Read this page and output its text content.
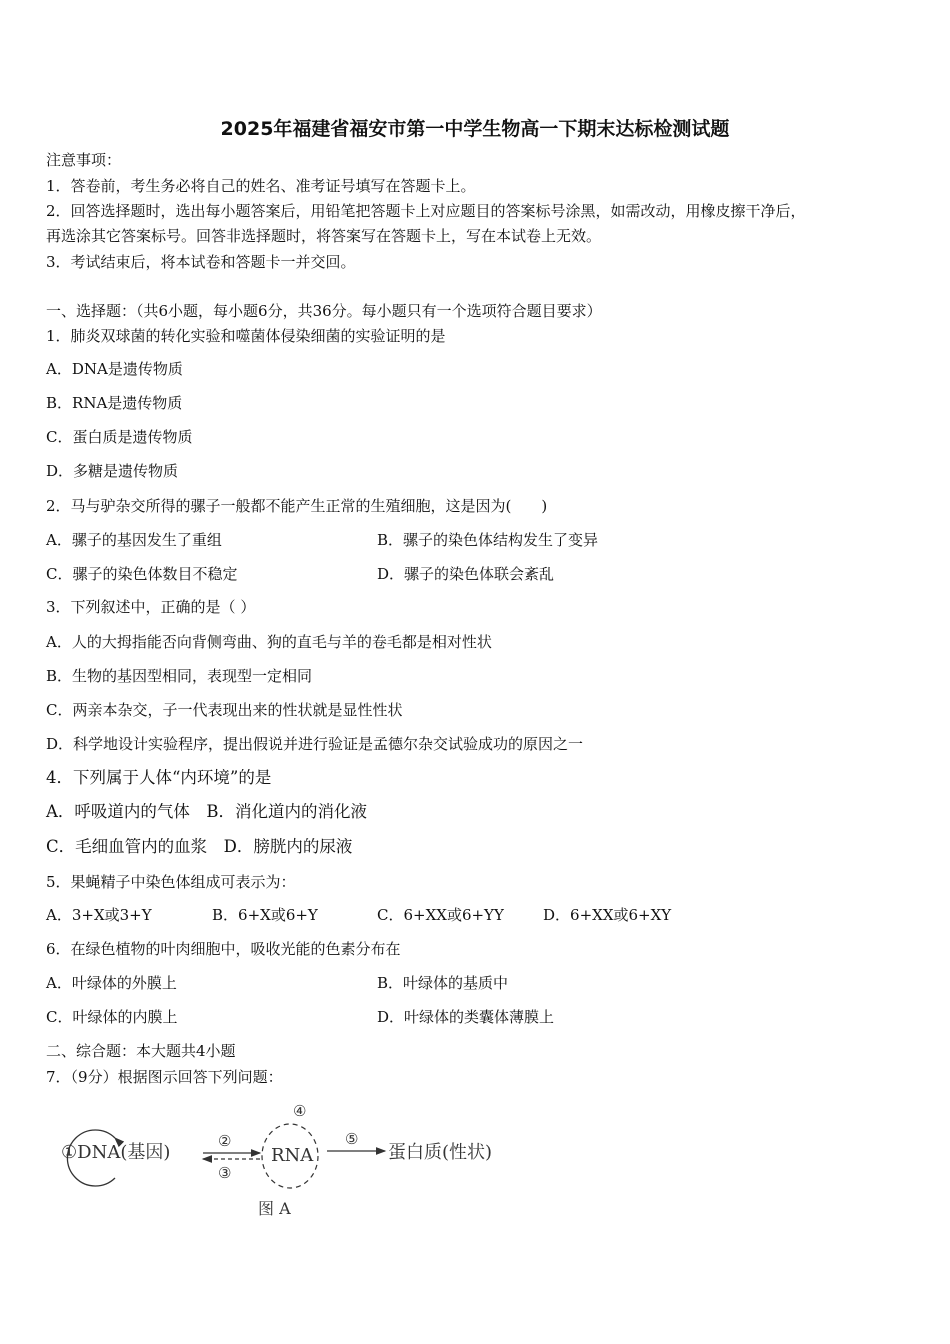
2025年福建省福安市第一中学生物高一下期末达标检测试题
注意事项：
1．答卷前，考生务必将自己的姓名、准考证号填写在答题卡上。
2．回答选择题时，选出每小题答案后，用铅笔把答题卡上对应题目的答案标号涂黑，如需改动，用橡皮擦干净后，
再选涂其它答案标号。回答非选择题时，将答案写在答题卡上，写在本试卷上无效。
3．考试结束后，将本试卷和答题卡一并交回。
一、选择题：（共6小题，每小题6分，共36分。每小题只有一个选项符合题目要求）
1．肺炎双球菌的转化实验和噬菌体侵染细菌的实验证明的是
A．DNA是遗传物质
B．RNA是遗传物质
C．蛋白质是遗传物质
D．多糖是遗传物质
2．马与驴杂交所得的骡子一般都不能产生正常的生殖细胞，这是因为(　　)
A．骡子的基因发生了重组	B．骡子的染色体结构发生了变异
C．骡子的染色体数目不稳定	D．骡子的染色体联会紊乱
3．下列叙述中，正确的是（ ）
A．人的大拇指能否向背侧弯曲、狗的直毛与羊的卷毛都是相对性状
B．生物的基因型相同，表现型一定相同
C．两亲本杂交，子一代表现出来的性状就是显性性状
D．科学地设计实验程序，提出假说并进行验证是孟德尔杂交试验成功的原因之一
4．下列属于人体“内环境”的是
A．呼吸道内的气体　B．消化道内的消化液
C．毛细血管内的血浆　D．膀胱内的尿液
5．果蝇精子中染色体组成可表示为：
A．3+X或3+Y	B．6+X或6+Y	C．6+XX或6+YY	D．6+XX或6+XY
6．在绿色植物的叶肉细胞中，吸收光能的色素分布在
A．叶绿体的外膜上	B．叶绿体的基质中
C．叶绿体的内膜上	D．叶绿体的类囊体薄膜上
二、综合题：本大题共4小题
7．（9分）根据图示回答下列问题：
①DNA(基因)
②
③
④
RNA
⑤
蛋白质(性状)
图 A
